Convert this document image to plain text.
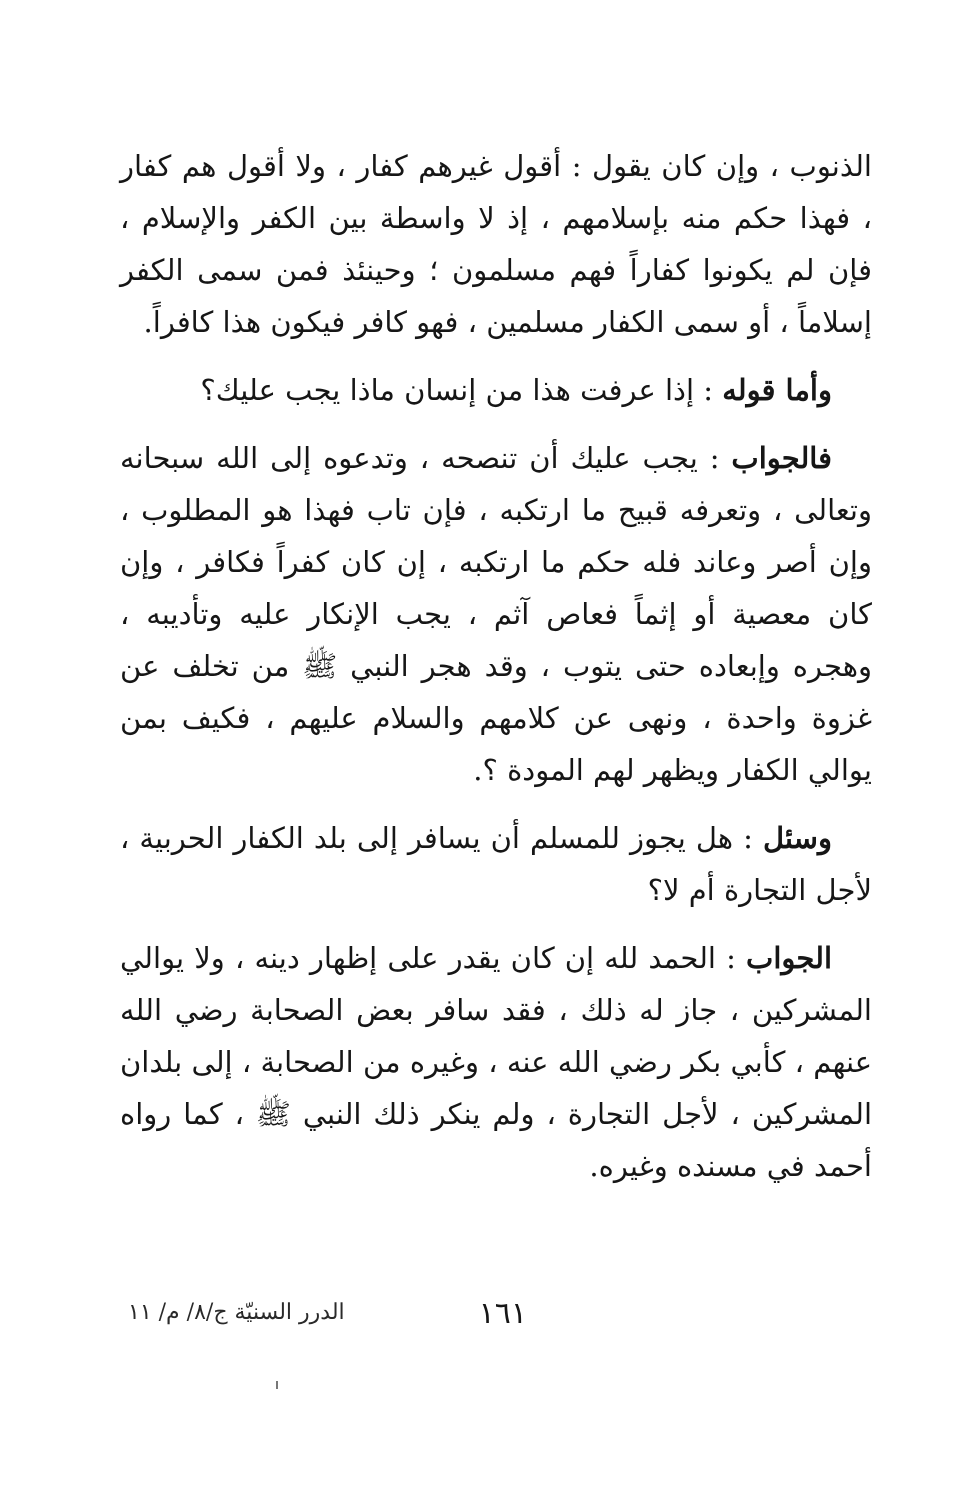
الذنوب ، وإن كان يقول : أقول غيرهم كفار ، ولا أقول هم كفار ، فهذا حكم منه بإسلامهم ، إذ لا واسطة بين الكفر والإسلام ، فإن لم يكونوا كفاراً فهم مسلمون ؛ وحينئذ فمن سمى الكفر إسلاماً ، أو سمى الكفار مسلمين ، فهو كافر فيكون هذا كافراً.

وأما قوله : إذا عرفت هذا من إنسان ماذا يجب عليك؟

فالجواب : يجب عليك أن تنصحه ، وتدعوه إلى الله سبحانه وتعالى ، وتعرفه قبيح ما ارتكبه ، فإن تاب فهذا هو المطلوب ، وإن أصر وعاند فله حكم ما ارتكبه ، إن كان كفراً فكافر ، وإن كان معصية أو إثماً فعاص آثم ، يجب الإنكار عليه وتأديبه ، وهجره وإبعاده حتى يتوب ، وقد هجر النبي ﷺ من تخلف عن غزوة واحدة ، ونهى عن كلامهم والسلام عليهم ، فكيف بمن يوالي الكفار ويظهر لهم المودة ؟.

وسئل : هل يجوز للمسلم أن يسافر إلى بلد الكفار الحربية ، لأجل التجارة أم لا؟

الجواب : الحمد لله إن كان يقدر على إظهار دينه ، ولا يوالي المشركين ، جاز له ذلك ، فقد سافر بعض الصحابة رضي الله عنهم ، كأبي بكر رضي الله عنه ، وغيره من الصحابة ، إلى بلدان المشركين ، لأجل التجارة ، ولم ينكر ذلك النبي ﷺ ، كما رواه أحمد في مسنده وغيره.

١٦١
الدرر السنيّة ج/٨/ م/ ١١
